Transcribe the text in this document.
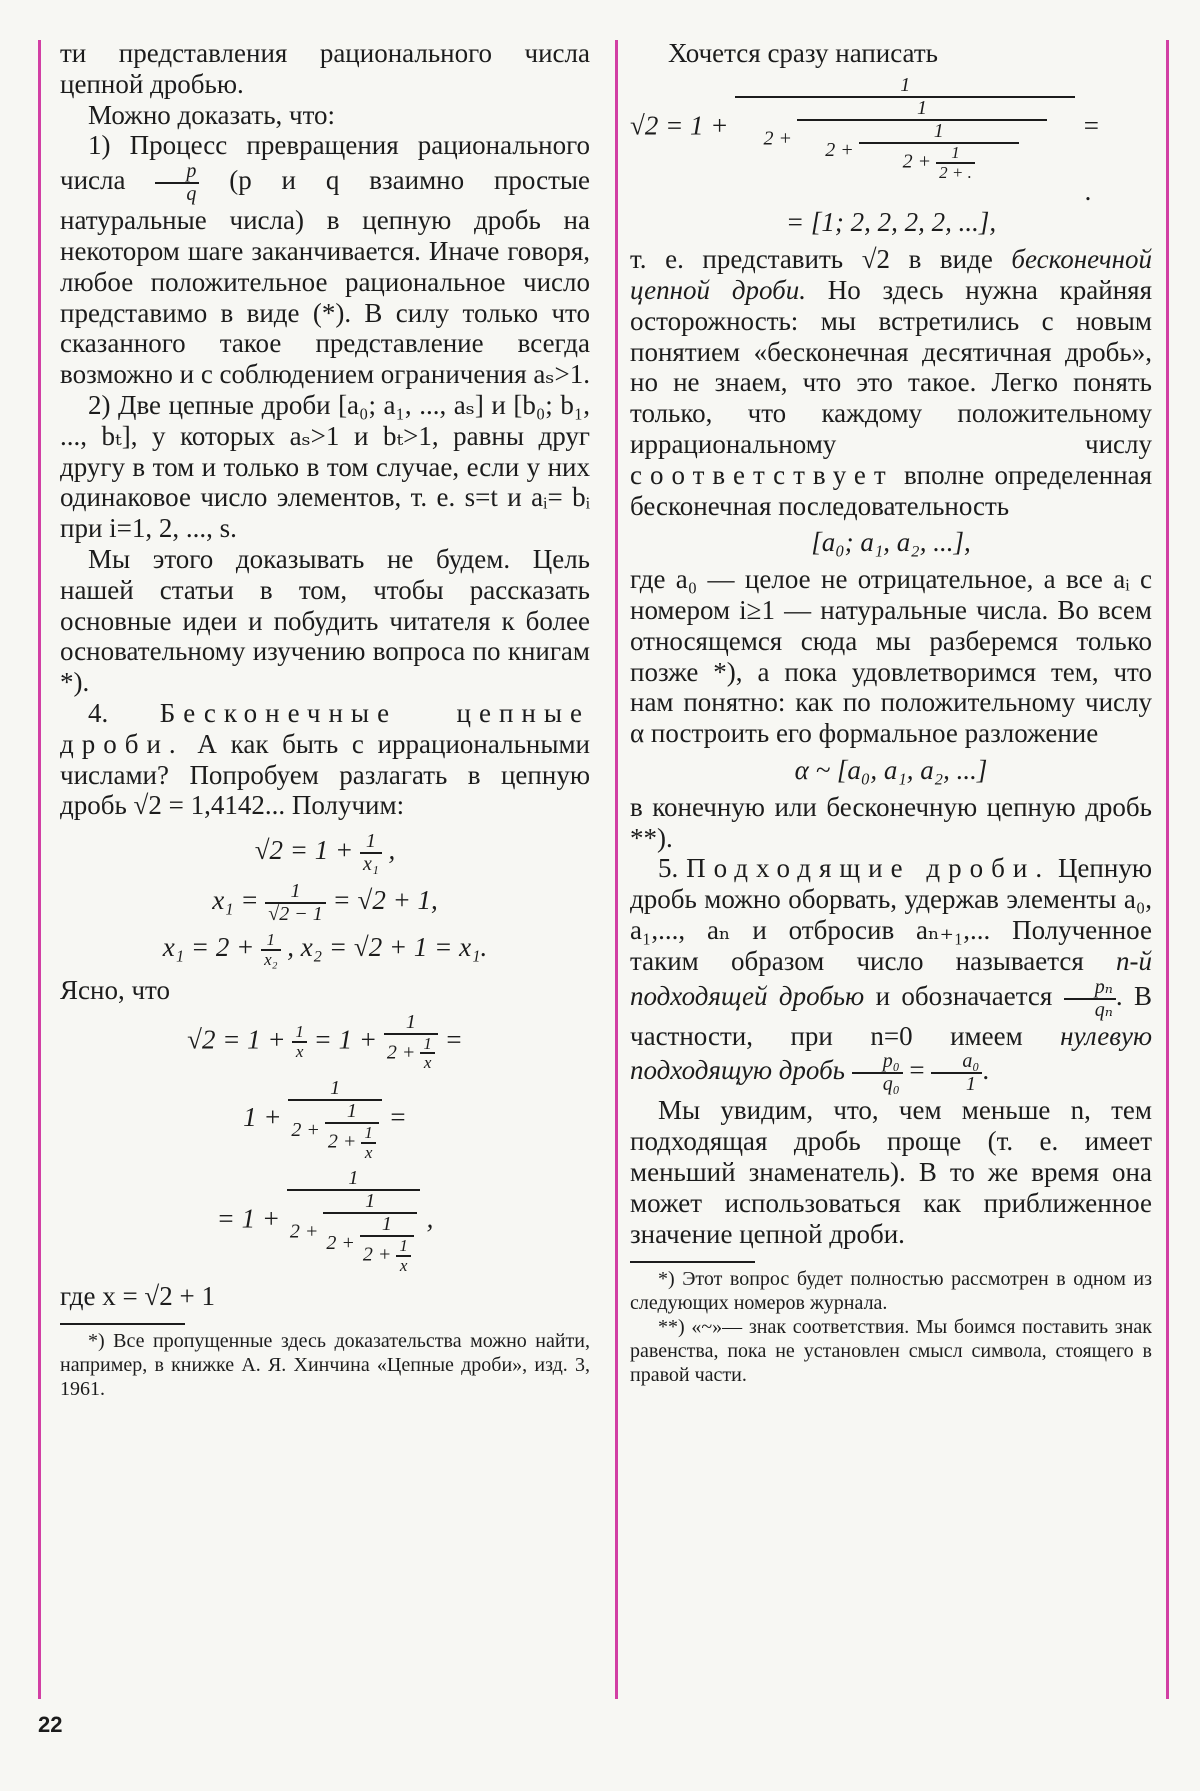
ти представления рационального числа цепной дробью.

Можно доказать, что:

1) Процесс превращения рационального числа $\frac{p}{q} (p$ и q взаимно простые натуральные числа) в цепную дробь на некотором шаге заканчивается. Иначе говоря, любое положительное рациональное число представимо в виде (*). В силу только что сказанного такое представление всегда возможно и с соблюдением ограничения aₛ>1.

2) Две цепные дроби [a₀; a₁, ..., aₛ] и [b₀; b₁, ..., bₜ], у которых aₛ>1 и bₜ>1, равны друг другу в том и только в том случае, если у них одинаковое число элементов, т. е. s=t и aᵢ= bᵢ при i=1, 2, ..., s.

Мы этого доказывать не будем. Цель нашей статьи в том, чтобы рассказать основные идеи и побудить читателя к более основательному изучению вопроса по книгам *).

4. Бесконечные цепные дроби. А как быть с иррациональными числами? Попробуем разлагать в цепную дробь √2 = 1,4142... Получим:

$√2 = 1 + \frac{1}{\text{x₁}}$ ,
$x_1 = \frac{1}{√2 - 1} = √2 + 1$,
$x_1 = 2 + \frac{1}{\text{x₂}}$ , x₂ = √2 + 1 = x₁.

Ясно, что

$√2 = 1 + \frac{1}{x} = 1 + \frac{1}{2 + \frac{1}{x}}$ =
$1 + \frac{1}{2 + \frac{1}{2 + \frac{1}{x}}}$ =
= $1 + \frac{1}{2 + \frac{1}{2 + \frac{1}{2 + \frac{1}{x}}}}$ ,

где x = √2 + 1

*) Все пропущенные здесь доказательства можно найти, например, в книжке А. Я. Хинчина «Цепные дроби», изд. 3, 1961.

Хочется сразу написать

$√2 = 1 + \frac{1}{2 + \frac{1}{2 + \frac{1}{2 + \frac{1}{2 + .}}}}$ =
.
= [1; 2, 2, 2, 2, ...],

т. е. представить √2 в виде бесконечной цепной дроби. Но здесь нужна крайняя осторожность: мы встретились с новым понятием «бесконечная десятичная дробь», но не знаем, что это такое. Легко понять только, что каждому положительному иррациональному числу соответствует вполне определенная бесконечная последовательность

[a₀; a₁, a₂, ...],

где a₀ — целое не отрицательное, а все aᵢ с номером i≥1 — натуральные числа. Во всем относящемся сюда мы разберемся только позже *), а пока удовлетворимся тем, что нам понятно: как по положительному числу α построить его формальное разложение

α ~ [a₀, a₁, a₂, ...]

в конечную или бесконечную цепную дробь **).

5. Подходящие дроби. Цепную дробь можно оборвать, удержав элементы a₀, a₁,..., aₙ и отбросив aₙ₊₁,... Полученное таким образом число называется n-й подходящей дробью и обозначается $\frac{\text{pₙ}}{\text{qₙ}}$ . В частности, при n=0 имеем нулевую подходящую дробь $\frac{\text{p₀}}{\text{q₀}} = \frac{\text{a₀}}{1}$ .

Мы увидим, что, чем меньше n, тем подходящая дробь проще (т. е. имеет меньший знаменатель). В то же время она может использоваться как приближенное значение цепной дроби.

*) Этот вопрос будет полностью рассмотрен в одном из следующих номеров журнала.

**) «~»— знак соответствия. Мы боимся поставить знак равенства, пока не установлен смысл символа, стоящего в правой части.

22
